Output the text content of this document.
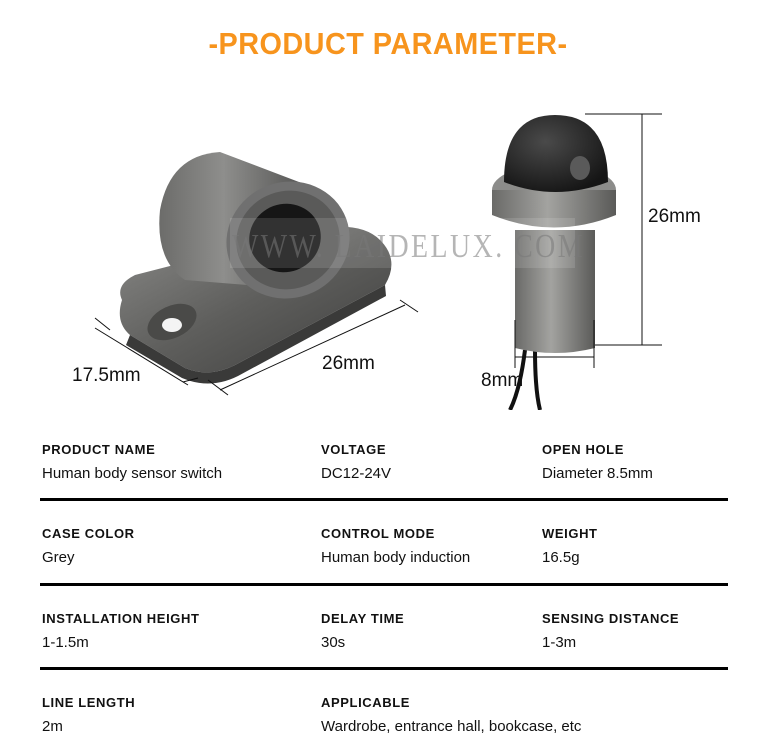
-PRODUCT PARAMETER-
17.5mm
26mm
26mm
8mm
WWW. LAIDELUX. COM
PRODUCT NAME
Human body sensor switch
VOLTAGE
DC12-24V
OPEN HOLE
Diameter 8.5mm
CASE COLOR
Grey
CONTROL MODE
Human body induction
WEIGHT
16.5g
INSTALLATION HEIGHT
1-1.5m
DELAY TIME
30s
SENSING DISTANCE
1-3m
LINE LENGTH
2m
APPLICABLE
Wardrobe, entrance hall, bookcase, etc
